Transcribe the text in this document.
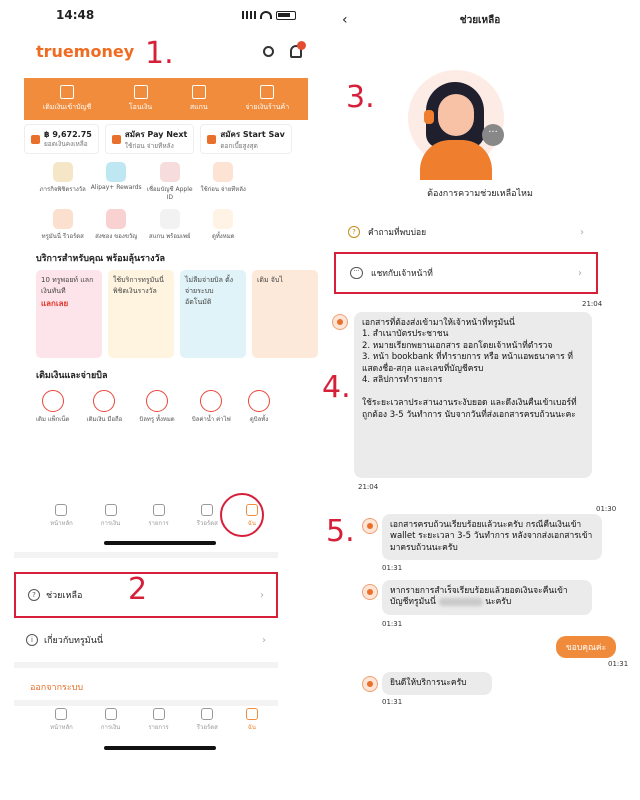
14:48
truemoney 1.
เติมเงินเข้าบัญชี	โอนเงิน	สแกน	จ่ายเงินร้านค้า
฿ 9,672.75
ยอดเงินคงเหลือ
สมัคร Pay Next
ใช้ก่อน จ่ายทีหลัง
สมัคร Start Sav
ดอกเบี้ยสูงสุด
ภารกิจพิชิตรางวัล Alipay+ Rewards เชื่อมบัญชี Apple ID
ใช้ก่อน จ่ายทีหลัง
ทรูมันนี่ รีวอร์ดส ส่งซอง ของขวัญ สแกน พร้อมเพย์	ดูทั้งหมด
บริการสำหรับคุณ พร้อมลุ้นรางวัล
10 ทรูพอยท์ แลกเงินทันที
แลกเลย
ใช้บริการทรูมันนี่ พิชิตเงินรางวัล
ไม่ลืมจ่ายบิล ตั้งจ่ายระบบ อัตโนมัติ
เติม จับไ
เติมเงินและจ่ายบิล
เติม แพ็กเน็ต	เติมเงิน มือถือ	บิลทรู ทั้งหมด	บิลค่าน้ำ ค่าไฟ	ดูบิลทั้ง
หน้าหลัก	การเงิน	รายการ	รีวอร์ดส	ฉัน
?	ช่วยเหลือ	›
2
i	เกี่ยวกับทรูมันนี่	›
ออกจากระบบ
หน้าหลัก	การเงิน	รายการ	รีวอร์ดส	ฉัน
‹	ช่วยเหลือ
3.
···
ต้องการความช่วยเหลือไหม
?	คำถามที่พบบ่อย	›
···	แชทกับเจ้าหน้าที่	›
21:04

เอกสารที่ต้องส่งเข้ามาให้เจ้าหน้าที่ทรูมันนี่
1. สำเนาบัตรประชาชน
2. หมายเรียกพยานเอกสาร ออกโดยเจ้าหน้าที่ตำรวจ
3. หน้า bookbank ที่ทำรายการ หรือ หน้าแอพธนาคาร ที่แสดงชื่อ-สกุล และเลขที่บัญชีครบ
4. สลิปการทำรายการ

ใช้ระยะเวลาประสานงานระงับยอด และดึงเงินคืนเข้าเบอร์ที่ถูกต้อง 3-5 วันทำการ นับจากวันที่ส่งเอกสารครบถ้วนนะคะ

4.
21:04
01:30
5.	เอกสารครบถ้วนเรียบร้อยแล้วนะครับ กรณีคืนเงินเข้า wallet ระยะเวลา 3-5 วันทำการ หลังจากส่งเอกสารเข้ามาครบถ้วนนะครับ

01:31
หากรายการสำเร็จเรียบร้อยแล้วยอดเงินจะคืนเข้าบัญชีทรูมันนี่	นะครับ
01:31
ขอบคุณค่ะ
01:31

ยินดีให้บริการนะครับ

01:31
